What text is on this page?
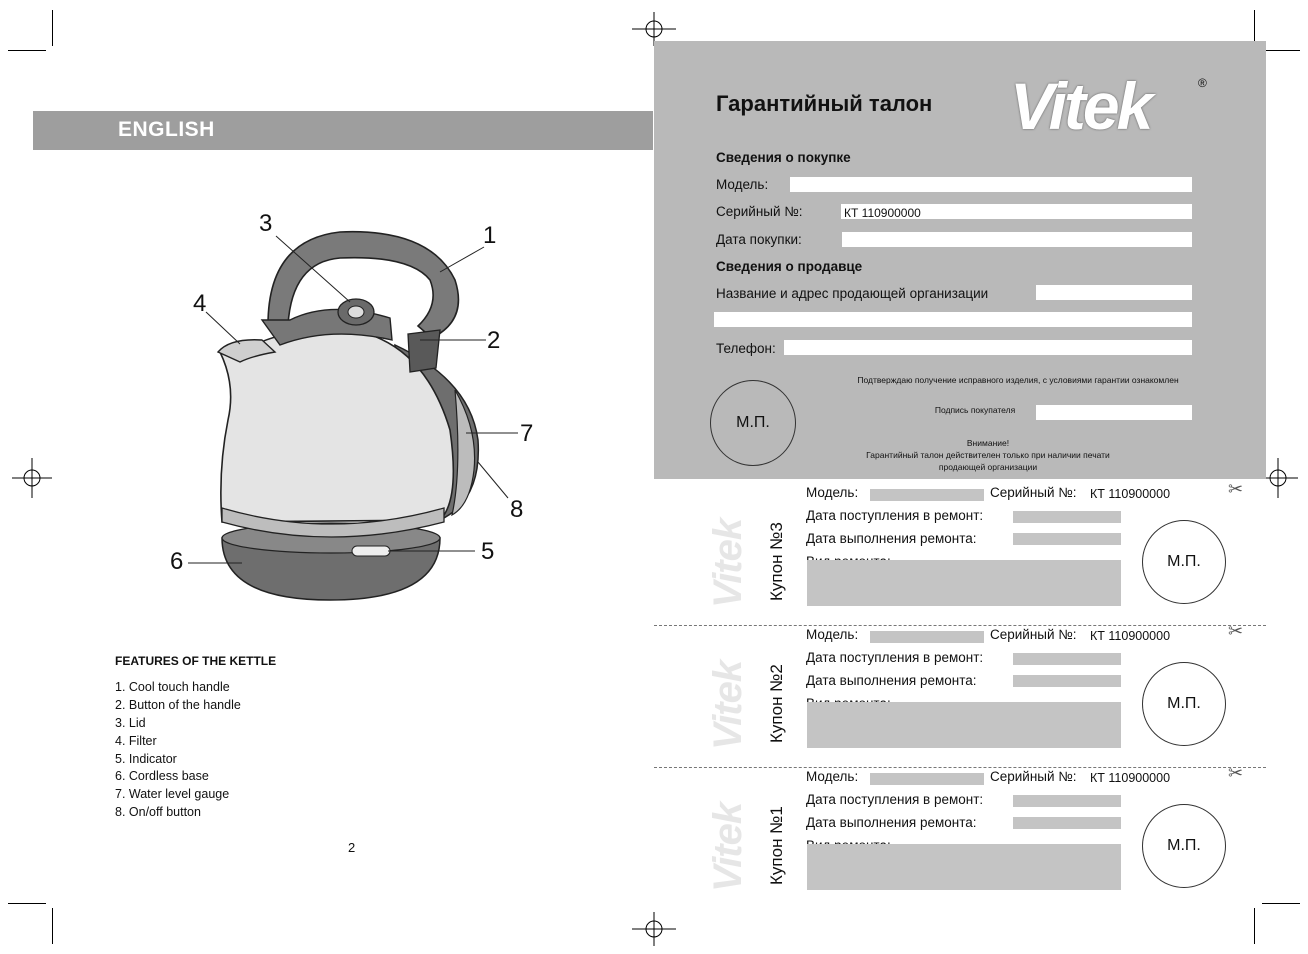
ENGLISH
1
2
3
4
5
6
7
8
FEATURES OF THE KETTLE
1. Cool touch handle
2. Button of the handle
3. Lid
4. Filter
5. Indicator
6. Cordless base
7. Water level gauge
8. On/off button
2
Гарантийный талон Vitek	®
Сведения о покупке
Модель:
Серийный №:	КТ 110900000
Дата покупки:
Сведения о продавце
Название и адрес продающей организации
Телефон:
Подтверждаю получение исправного изделия, с условиями гарантии ознакомлен
Подпись покупателя
М.П.
Внимание!
Гарантийный талон действителен только при наличии печати
продающей организации
Vitek Купон №3
Модель:	Серийный №: КТ 110900000	✂
Дата поступления в ремонт:
Дата выполнения ремонта:
М.П.
Vitek Купон №2
Модель:	Серийный №: КТ 110900000	✂
Дата поступления в ремонт:
Дата выполнения ремонта:
М.П.
Vitek Купон №1
Модель:	Серийный №: КТ 110900000	✂
Дата поступления в ремонт:
Дата выполнения ремонта:
М.П.
